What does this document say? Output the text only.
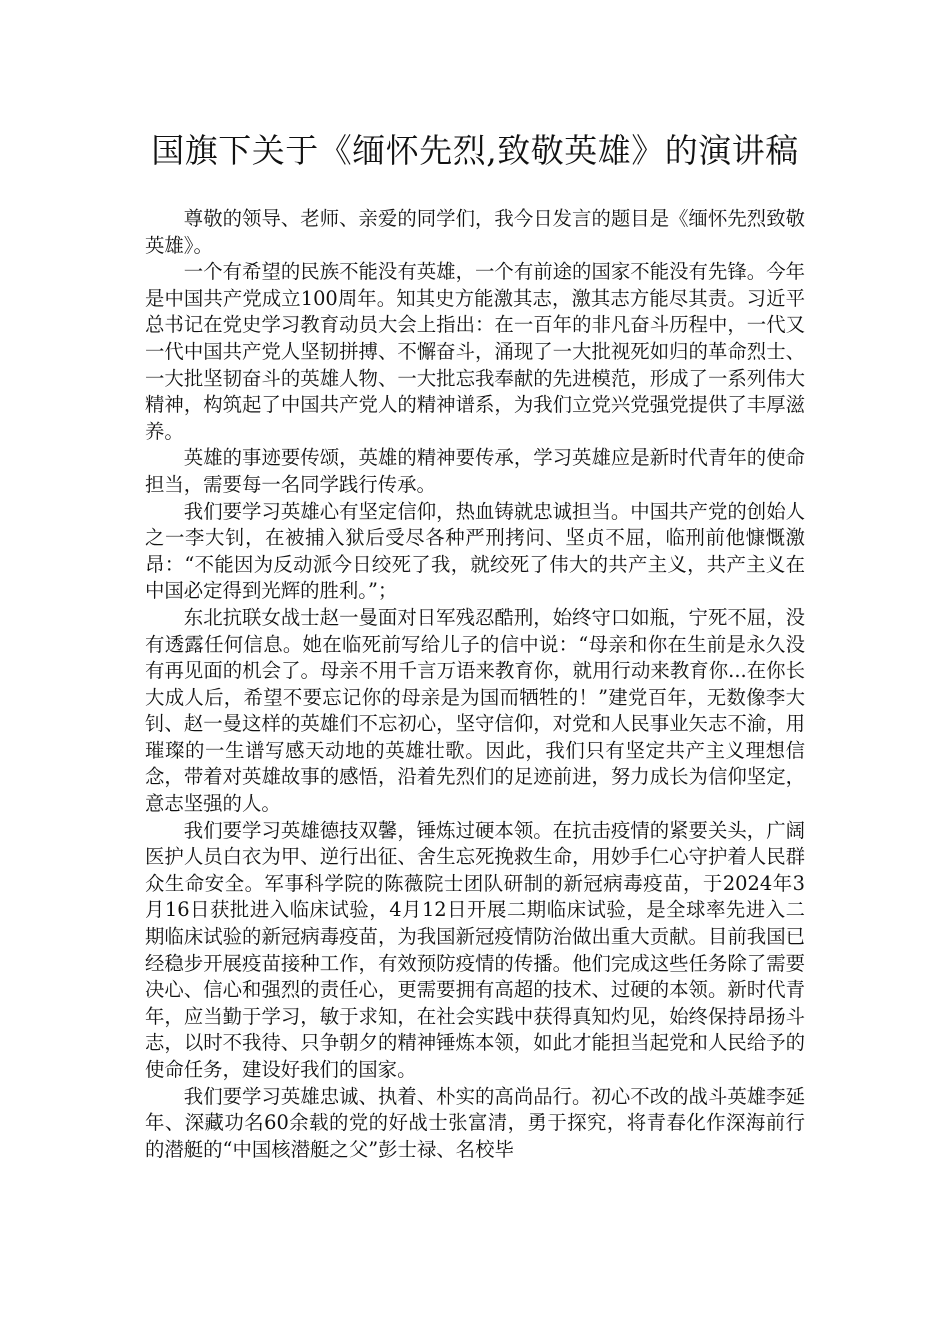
国旗下关于《缅怀先烈,致敬英雄》的演讲稿

尊敬的领导、老师、亲爱的同学们，我今日发言的题目是《缅怀先烈致敬英雄》。

一个有希望的民族不能没有英雄，一个有前途的国家不能没有先锋。今年是中国共产党成立100周年。知其史方能激其志，激其志方能尽其责。习近平总书记在党史学习教育动员大会上指出：在一百年的非凡奋斗历程中，一代又一代中国共产党人坚韧拼搏、不懈奋斗，涌现了一大批视死如归的革命烈士、一大批坚韧奋斗的英雄人物、一大批忘我奉献的先进模范，形成了一系列伟大精神，构筑起了中国共产党人的精神谱系，为我们立党兴党强党提供了丰厚滋养。

英雄的事迹要传颂，英雄的精神要传承，学习英雄应是新时代青年的使命担当，需要每一名同学践行传承。

我们要学习英雄心有坚定信仰，热血铸就忠诚担当。中国共产党的创始人之一李大钊，在被捕入狱后受尽各种严刑拷问、坚贞不屈，临刑前他慷慨激昂：“不能因为反动派今日绞死了我，就绞死了伟大的共产主义，共产主义在中国必定得到光辉的胜利。”；

东北抗联女战士赵一曼面对日军残忍酷刑，始终守口如瓶，宁死不屈，没有透露任何信息。她在临死前写给儿子的信中说：“母亲和你在生前是永久没有再见面的机会了。母亲不用千言万语来教育你，就用行动来教育你...在你长大成人后，希望不要忘记你的母亲是为国而牺牲的！”建党百年，无数像李大钊、赵一曼这样的英雄们不忘初心，坚守信仰，对党和人民事业矢志不渝，用璀璨的一生谱写感天动地的英雄壮歌。因此，我们只有坚定共产主义理想信念，带着对英雄故事的感悟，沿着先烈们的足迹前进，努力成长为信仰坚定，意志坚强的人。

我们要学习英雄德技双馨，锤炼过硬本领。在抗击疫情的紧要关头，广阔医护人员白衣为甲、逆行出征、舍生忘死挽救生命，用妙手仁心守护着人民群众生命安全。军事科学院的陈薇院士团队研制的新冠病毒疫苗，于2024年3月16日获批进入临床试验，4月12日开展二期临床试验，是全球率先进入二期临床试验的新冠病毒疫苗，为我国新冠疫情防治做出重大贡献。目前我国已经稳步开展疫苗接种工作，有效预防疫情的传播。他们完成这些任务除了需要决心、信心和强烈的责任心，更需要拥有高超的技术、过硬的本领。新时代青年，应当勤于学习，敏于求知，在社会实践中获得真知灼见，始终保持昂扬斗志，以时不我待、只争朝夕的精神锤炼本领，如此才能担当起党和人民给予的使命任务，建设好我们的国家。

我们要学习英雄忠诚、执着、朴实的高尚品行。初心不改的战斗英雄李延年、深藏功名60余载的党的好战士张富清，勇于探究，将青春化作深海前行的潜艇的“中国核潜艇之父”彭士禄、名校毕
